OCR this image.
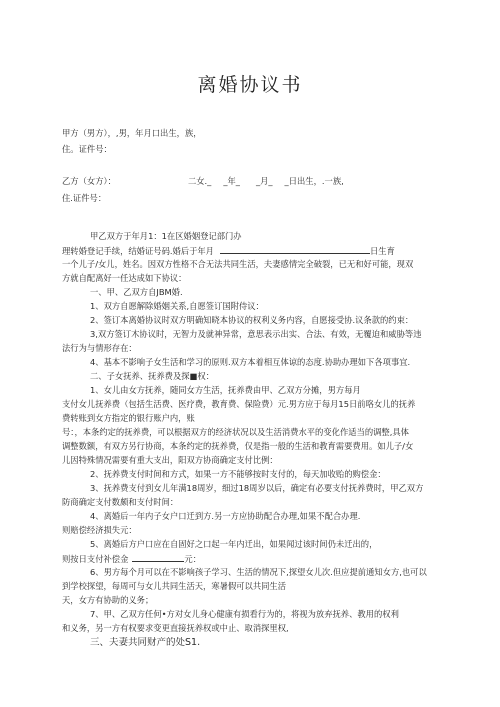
离婚协议书
甲方（男方），,男，年月口出生，族，
住。证件号：
乙方（女方）：	二女._ _年_ _月_ _日出生，.一族,
住.证件号：
甲乙双方于年月1：1在区婚姻登记部门办
理转婚登记手续，结婚证号码.婚后于年月	日生育
一个儿子/女儿，姓名。因双方性格不合无法共同生活，夫妻感情完全破裂，已无和好可能，现双
方就自配离好一任达成如下协议：
一、甲、乙双方自JBM婚.
1、双方自愿解除婚姻关系,自愿签订国附侍议：
2、签订本离婚协议时双方明确知晓本协议的权利义务内容，自愿接受协.议条款的约束：
3,双方签订木协议时，无智力及就神异常，意思表示出实、合法、有效，无覆迫和威胁等违
法行为与情形存在：
4、基本不影响子女生活和学习的原则.双方本着相互体谅的态度.协助办理如下各项事宜.
二、子女抚养、抚养费及探■权：
1、女儿由女方抚养，随同女方生活，抚养费由甲、乙双方分摊，男方每月
支付女儿抚养费（包括生活费、医疗费，教育费、保险费）元.男方应于每月15日前咯女儿的抚养
费转账到女方指定的银行账户内，账
号：，本条约定的抚养费，可以根据双方的经济状况以及生活消费水平的变化作适当的调整,具体
调整数额，有双方另行协商，本条约定的抚养费，仅是指一般的生活和教育需要费用。如儿子/女
儿因特殊情况需要有重大支出，阳双方协商确定支付比例：
2、抚养费支付时间和方式，如果一方不能够按时支付的，每天加收贻的购偿金：
3、抚养费支付到女儿年满18周岁，细过18周岁以后，确定有必要支付抚养费时，甲乙双方
防商确定支付数颇和支付时间：
4、离婚后一年内子女户口迁到方.另一方应协助配合办理,如果不配合办理.
则赔偿经济损失元：
5、离婚后方户口应在自固好之口起一年内迁出，如果闻过该时间仍未迁出的，
则按日支付补偿金	元：
6、男方每个月可以在不影响孩子学习、生活的情况下,探望女儿次.但应提前通知女方,也可以
到学校探望，每周可与女儿共同生活天，寒暑假可以共同生活
天，女方有协助的义务；
7、甲、乙双方任何•方对女儿身心健康有损看行为的，将视为放弃抚养、教用的权利
和义务，另一方有权要求变更直接抚养权或中止、取消探里权,
三、夫妻共同财产的处S1.
